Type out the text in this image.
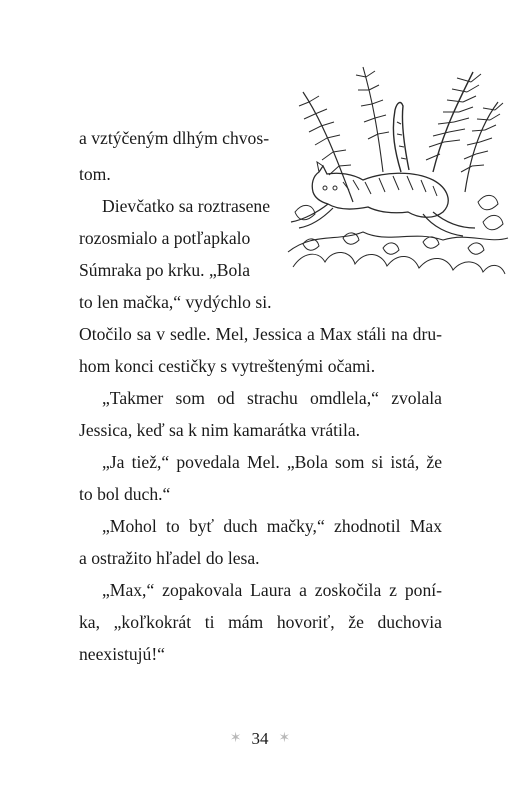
a vztýčeným dlhým chvos-
tom.
Dievčatko sa roztrasene
rozosmialo a potľapkalo
Súmraka po krku. „Bola
to len mačka,“ vydýchlo si.
Otočilo sa v sedle. Mel, Jessica a Max stáli na dru-
hom konci cestičky s vytreštenými očami.
„Takmer som od strachu omdlela,“ zvolala
Jessica, keď sa k nim kamarátka vrátila.
„Ja tiež,“ povedala Mel. „Bola som si istá, že
to bol duch.“
„Mohol to byť duch mačky,“ zhodnotil Max
a ostražito hľadel do lesa.
„Max,“ zopakovala Laura a zoskočila z poní-
ka, „koľkokrát ti mám hovoriť, že duchovia
neexistujú!“
✶ 34 ✶
